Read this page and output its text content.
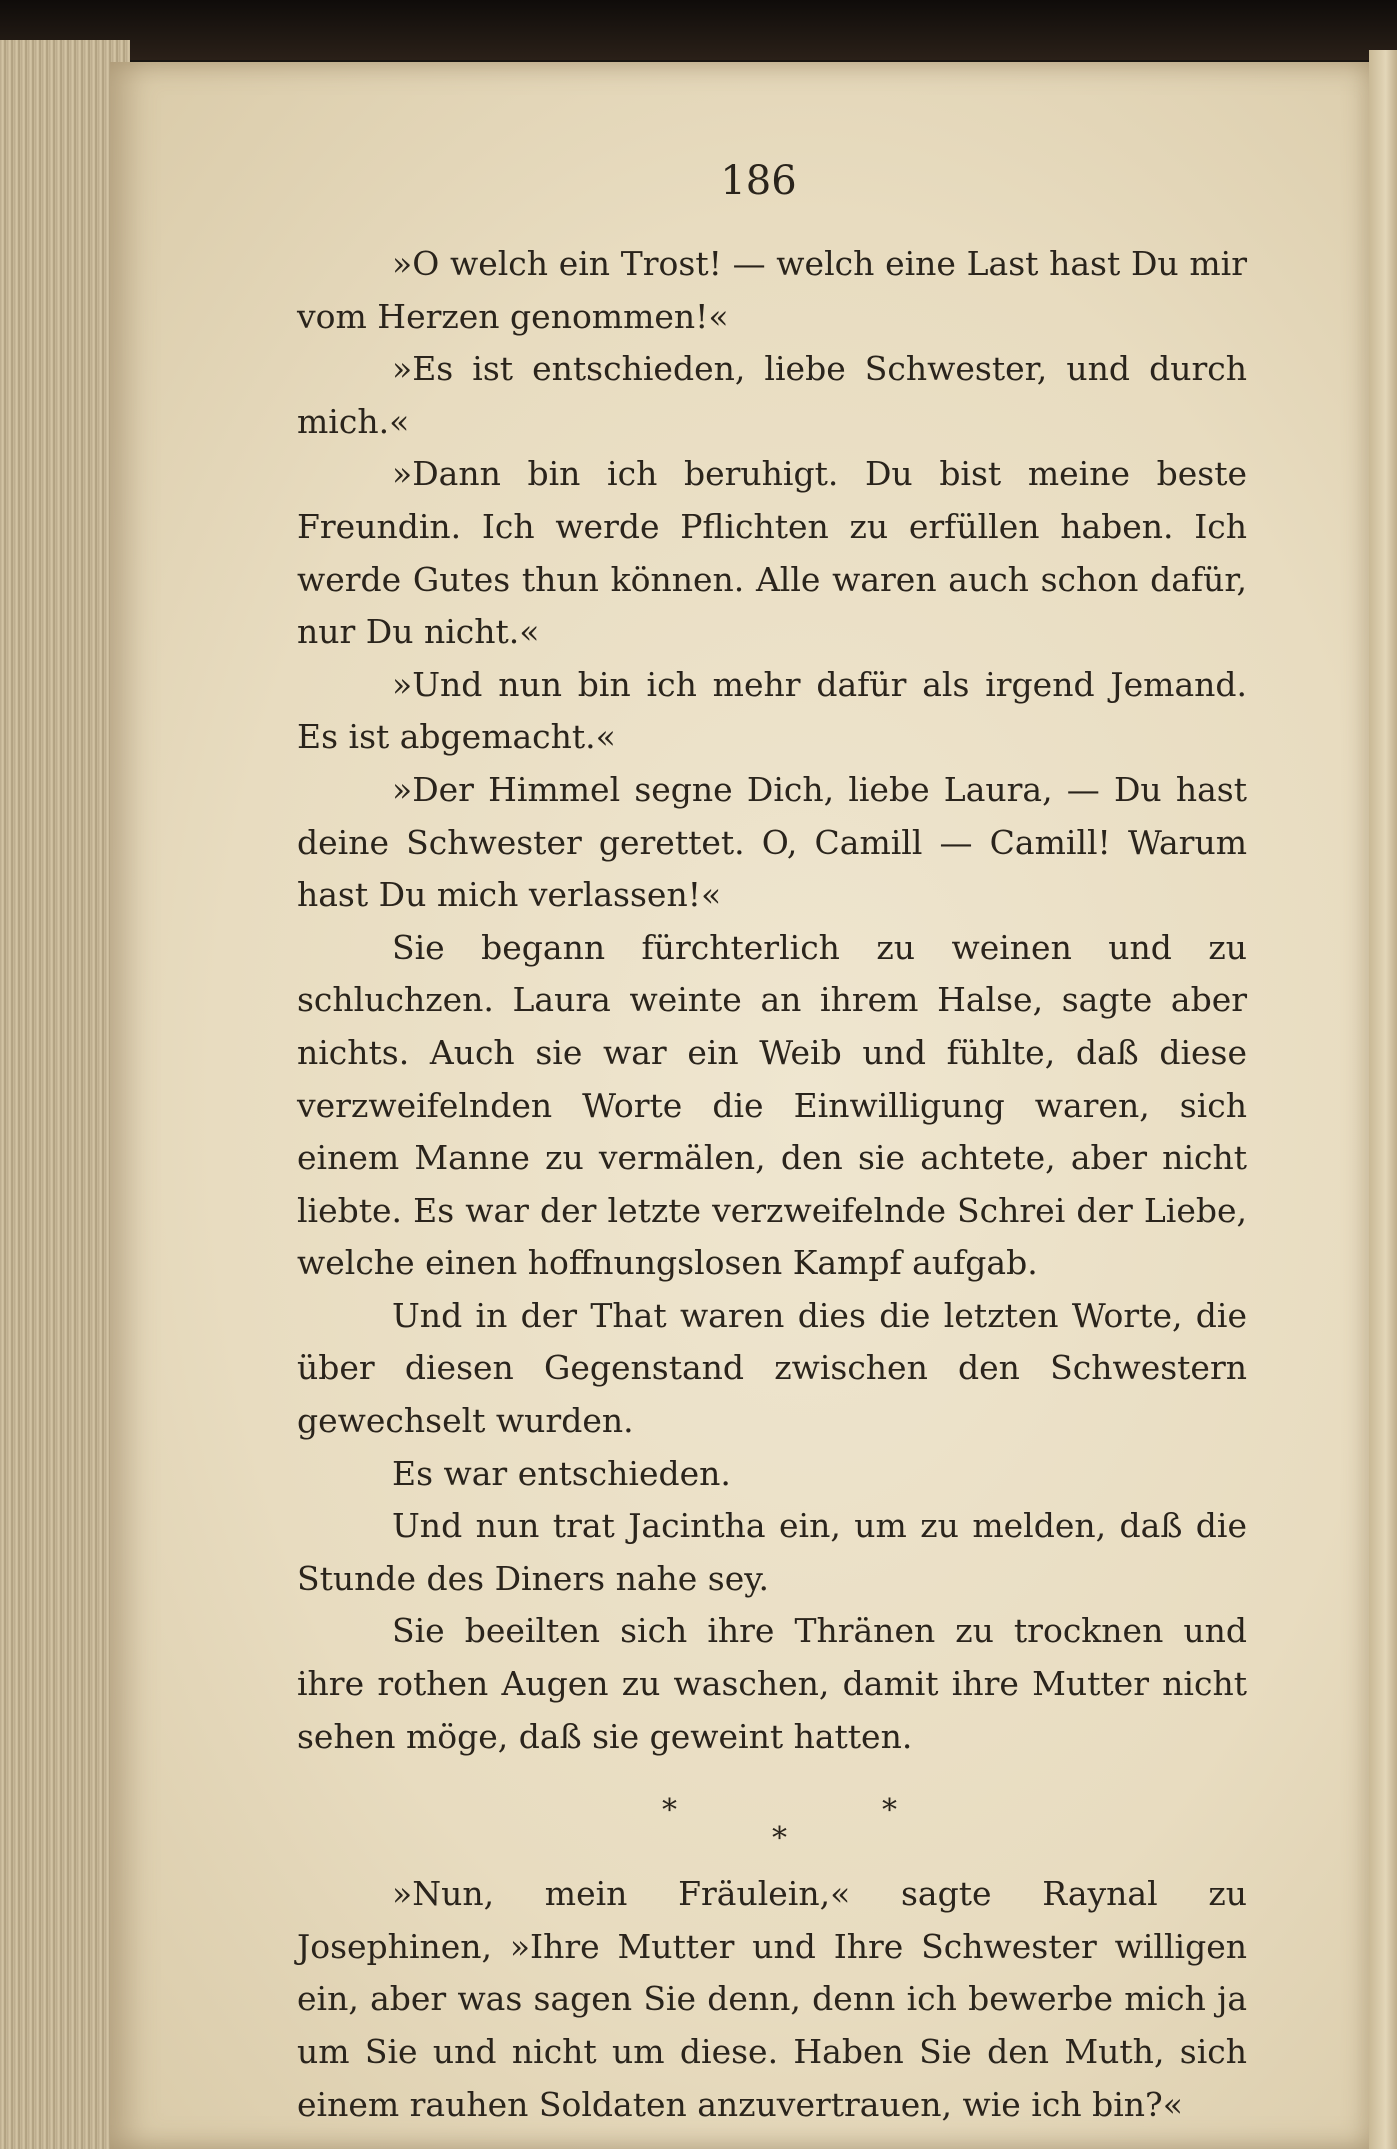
186

»O welch ein Trost! — welch eine Last hast Du mir vom Herzen genommen!«

»Es ist entschieden, liebe Schwester, und durch mich.«

»Dann bin ich beruhigt. Du bist meine beste Freundin. Ich werde Pflichten zu erfüllen haben. Ich werde Gutes thun können. Alle waren auch schon dafür, nur Du nicht.«

»Und nun bin ich mehr dafür als irgend Jemand. Es ist abgemacht.«

»Der Himmel segne Dich, liebe Laura, — Du hast deine Schwester gerettet. O, Camill — Camill! Warum hast Du mich verlassen!«

Sie begann fürchterlich zu weinen und zu schluchzen. Laura weinte an ihrem Halse, sagte aber nichts. Auch sie war ein Weib und fühlte, daß diese verzweifelnden Worte die Einwilligung waren, sich einem Manne zu vermälen, den sie achtete, aber nicht liebte. Es war der letzte verzweifelnde Schrei der Liebe, welche einen hoffnungslosen Kampf aufgab.

Und in der That waren dies die letzten Worte, die über diesen Gegenstand zwischen den Schwestern gewechselt wurden.

Es war entschieden.

Und nun trat Jacintha ein, um zu melden, daß die Stunde des Diners nahe sey.

Sie beeilten sich ihre Thränen zu trocknen und ihre rothen Augen zu waschen, damit ihre Mutter nicht sehen möge, daß sie geweint hatten.

*
*
*

»Nun, mein Fräulein,« sagte Raynal zu Josephinen, »Ihre Mutter und Ihre Schwester willigen ein, aber was sagen Sie denn, denn ich bewerbe mich ja um Sie und nicht um diese. Haben Sie den Muth, sich einem rauhen Soldaten anzuvertrauen, wie ich bin?«
